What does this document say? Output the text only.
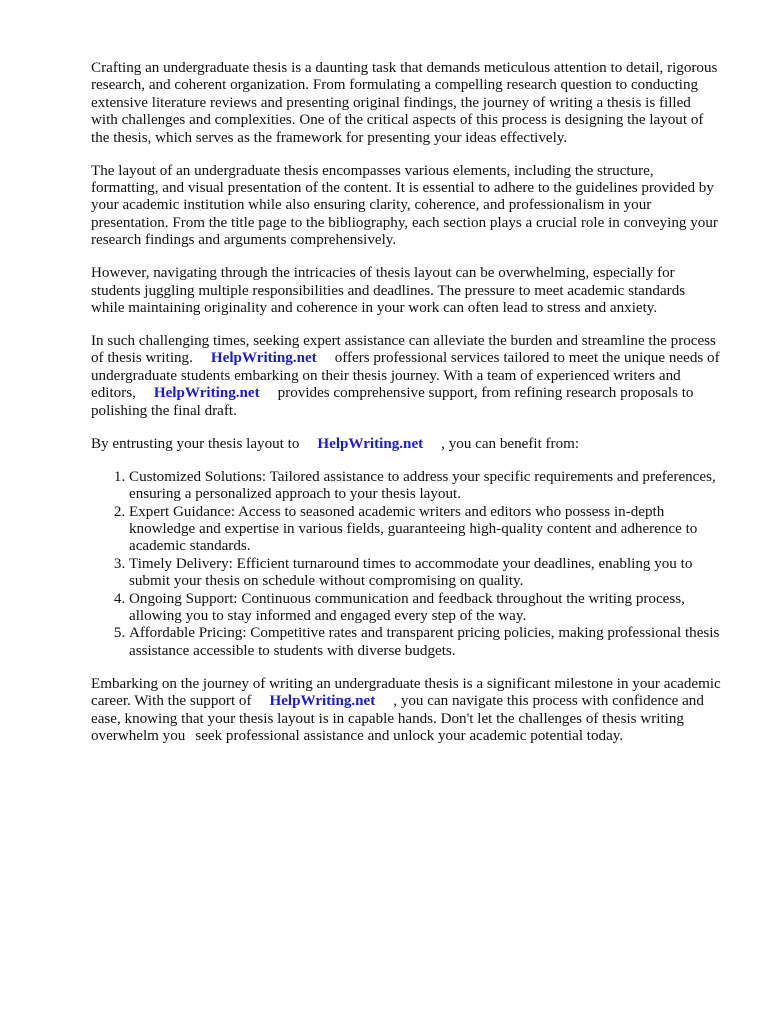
Crafting an undergraduate thesis is a daunting task that demands meticulous attention to detail, rigorous research, and coherent organization. From formulating a compelling research question to conducting extensive literature reviews and presenting original findings, the journey of writing a thesis is filled with challenges and complexities. One of the critical aspects of this process is designing the layout of the thesis, which serves as the framework for presenting your ideas effectively.

The layout of an undergraduate thesis encompasses various elements, including the structure, formatting, and visual presentation of the content. It is essential to adhere to the guidelines provided by your academic institution while also ensuring clarity, coherence, and professionalism in your presentation. From the title page to the bibliography, each section plays a crucial role in conveying your research findings and arguments comprehensively.

However, navigating through the intricacies of thesis layout can be overwhelming, especially for students juggling multiple responsibilities and deadlines. The pressure to meet academic standards while maintaining originality and coherence in your work can often lead to stress and anxiety.

In such challenging times, seeking expert assistance can alleviate the burden and streamline the process of thesis writing. HelpWriting.net offers professional services tailored to meet the unique needs of undergraduate students embarking on their thesis journey. With a team of experienced writers and editors, HelpWriting.net provides comprehensive support, from refining research proposals to polishing the final draft.

By entrusting your thesis layout to HelpWriting.net , you can benefit from:

1. Customized Solutions: Tailored assistance to address your specific requirements and preferences, ensuring a personalized approach to your thesis layout.
2. Expert Guidance: Access to seasoned academic writers and editors who possess in-depth knowledge and expertise in various fields, guaranteeing high-quality content and adherence to academic standards.
3. Timely Delivery: Efficient turnaround times to accommodate your deadlines, enabling you to submit your thesis on schedule without compromising on quality.
4. Ongoing Support: Continuous communication and feedback throughout the writing process, allowing you to stay informed and engaged every step of the way.
5. Affordable Pricing: Competitive rates and transparent pricing policies, making professional thesis assistance accessible to students with diverse budgets.

Embarking on the journey of writing an undergraduate thesis is a significant milestone in your academic career. With the support of HelpWriting.net , you can navigate this process with confidence and ease, knowing that your thesis layout is in capable hands. Don't let the challenges of thesis writing overwhelm you seek professional assistance and unlock your academic potential today.
